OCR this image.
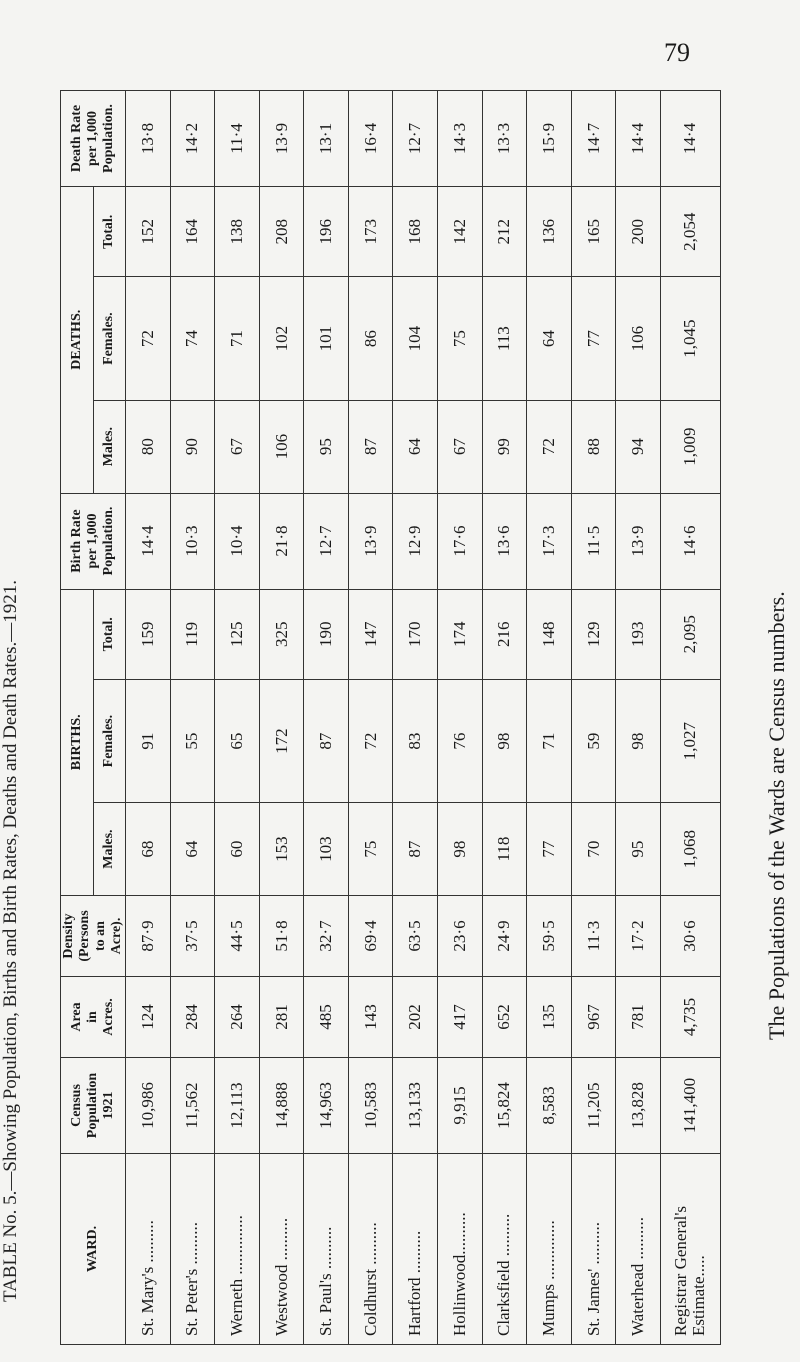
TABLE No. 5.—Showing Population, Births and Birth Rates, Deaths and Death Rates.—1921.
79
The Populations of the Wards are Census numbers.
WARD.	Census Population 1921	Area in Acres.	Density (Persons to an Acre).	BIRTHS.			Birth Rate per 1,000 Population.	DEATHS.			Death Rate per 1,000 Population.

				Males.	Females.	Total.		Males.	Females.	Total.	
St. Mary's ..........	10,986	124	87·9	68	91	159	14·4	80	72	152	13·8
St. Peter's ..........	11,562	284	37·5	64	55	119	10·3	90	74	164	14·2
Werneth ..............	12,113	264	44·5	60	65	125	10·4	67	71	138	11·4
Westwood ..........	14,888	281	51·8	153	172	325	21·8	106	102	208	13·9
St. Paul's ..........	14,963	485	32·7	103	87	190	12·7	95	101	196	13·1
Coldhurst ..........	10,583	143	69·4	75	72	147	13·9	87	86	173	16·4
Hartford ..........	13,133	202	63·5	87	83	170	12·9	64	104	168	12·7
Hollinwood..........	9,915	417	23·6	98	76	174	17·6	67	75	142	14·3
Clarksfield ..........	15,824	652	24·9	118	98	216	13·6	99	113	212	13·3
Mumps ..............	8,583	135	59·5	77	71	148	17·3	72	64	136	15·9
St. James' ..........	11,205	967	11·3	70	59	129	11·5	88	77	165	14·7
Waterhead ..........	13,828	781	17·2	95	98	193	13·9	94	106	200	14·4
Registrar General's Estimate.....	141,400	4,735	30·6	1,068	1,027	2,095	14·6	1,009	1,045	2,054	14·4
